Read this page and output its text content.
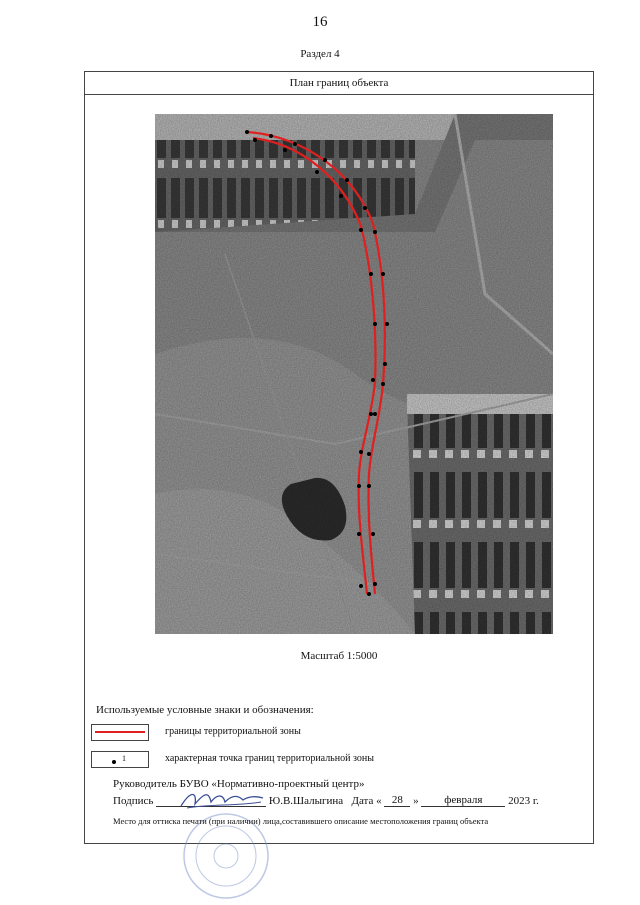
16
Раздел 4
План границ объекта
Масштаб 1:5000
Используемые условные знаки и обозначения:
границы территориальной зоны
1	характерная точка границ территориальной зоны
Руководитель БУВО «Нормативно-проектный центр»
Подпись	Ю.В.Шалыгина Дата « 28 » февраля 2023 г.
Место для оттиска печати (при наличии) лица,составившего описание местоположения границ объекта
